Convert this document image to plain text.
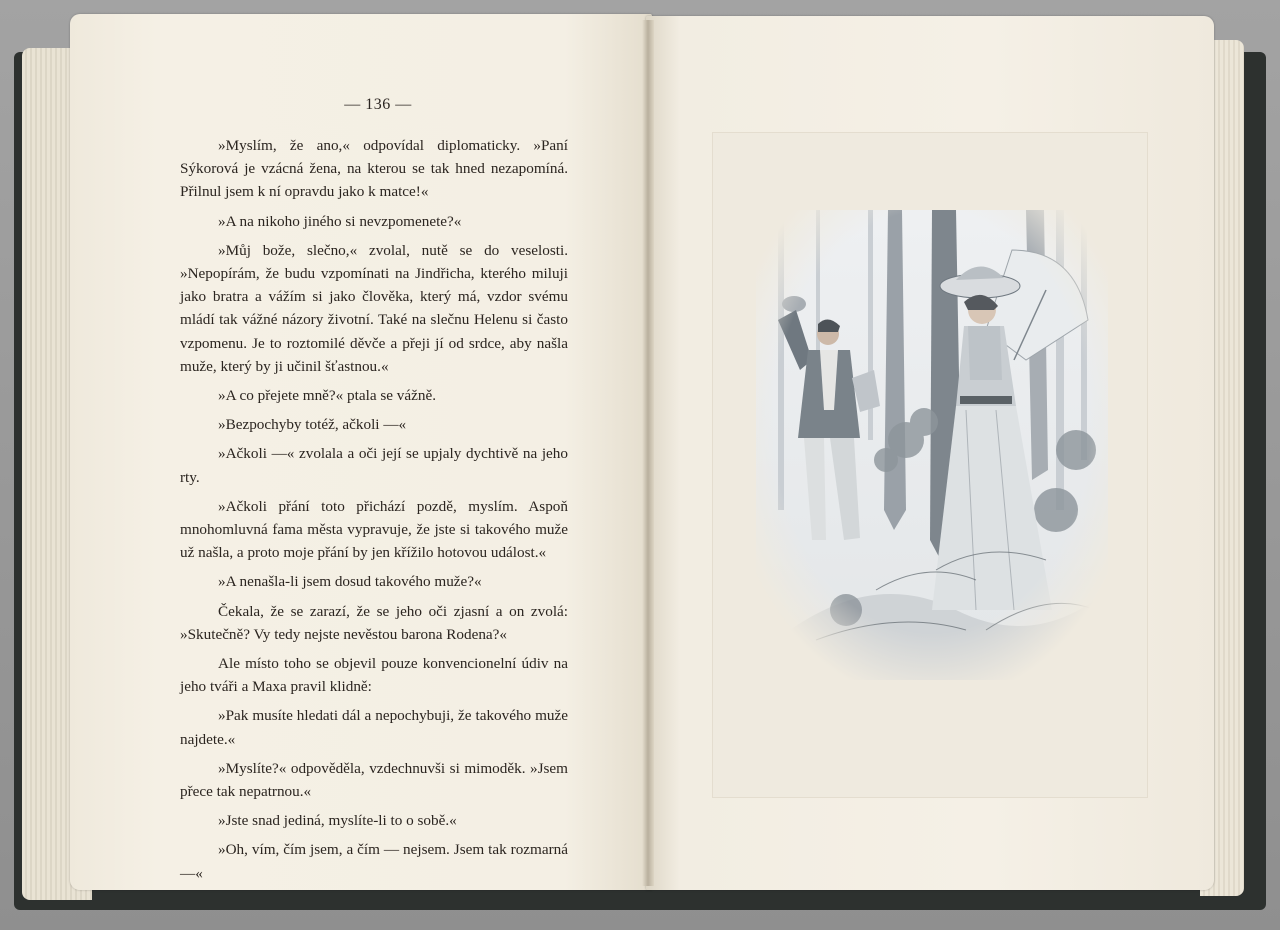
— 136 —

»Myslím, že ano,« odpovídal diplomaticky. »Paní Sýkorová je vzácná žena, na kterou se tak hned nezapomíná. Přilnul jsem k ní opravdu jako k matce!«

»A na nikoho jiného si nevzpomenete?«

»Můj bože, slečno,« zvolal, nutě se do veselosti. »Nepopírám, že budu vzpomínati na Jindřicha, kterého miluji jako bratra a vážím si jako člověka, který má, vzdor svému mládí tak vážné názory životní. Také na slečnu Helenu si často vzpomenu. Je to roztomilé děvče a přeji jí od srdce, aby našla muže, který by ji učinil šťastnou.«

»A co přejete mně?« ptala se vážně.

»Bezpochyby totéž, ačkoli —«

»Ačkoli —« zvolala a oči její se upjaly dychtivě na jeho rty.

»Ačkoli přání toto přichází pozdě, myslím. Aspoň mnohomluvná fama města vypravuje, že jste si takového muže už našla, a proto moje přání by jen křížilo hotovou událost.«

»A nenašla-li jsem dosud takového muže?«

Čekala, že se zarazí, že se jeho oči zjasní a on zvolá: »Skutečně? Vy tedy nejste nevěstou barona Rodena?«

Ale místo toho se objevil pouze konvencionelní údiv na jeho tváři a Maxa pravil klidně:

»Pak musíte hledati dál a nepochybuji, že takového muže najdete.«

»Myslíte?« odpověděla, vzdechnuvši si mimoděk. »Jsem přece tak nepatrnou.«

»Jste snad jediná, myslíte-li to o sobě.«

»Oh, vím, čím jsem, a čím — nejsem. Jsem tak rozmarná —«
